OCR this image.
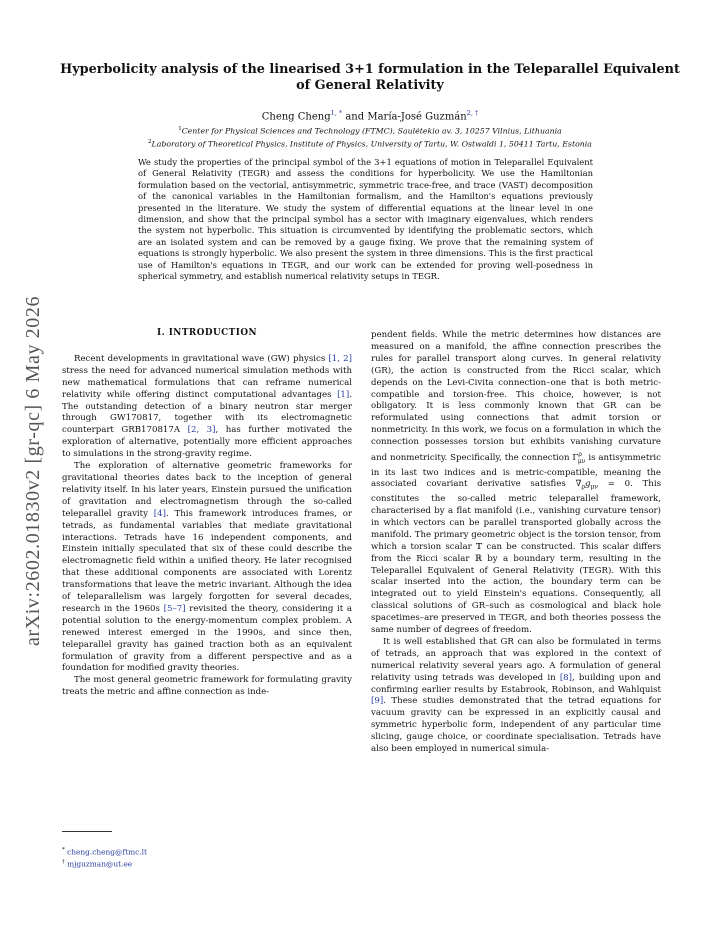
arXiv:2602.01830v2 [gr-qc] 6 May 2026
Hyperbolicity analysis of the linearised 3+1 formulation in the Teleparallel Equivalent of General Relativity
Cheng Cheng$^{1, *}$ and María-José Guzmán$^{2, \dagger}$
$^1$Center for Physical Sciences and Technology (FTMC), Saulėtekio av. 3, 10257 Vilnius, Lithuania
$^2$Laboratory of Theoretical Physics, Institute of Physics, University of Tartu, W. Ostwaldi 1, 50411 Tartu, Estonia
We study the properties of the principal symbol of the 3+1 equations of motion in Teleparallel Equivalent of General Relativity (TEGR) and assess the conditions for hyperbolicity. We use the Hamiltonian formulation based on the vectorial, antisymmetric, symmetric trace-free, and trace (VAST) decomposition of the canonical variables in the Hamiltonian formalism, and the Hamilton's equations previously presented in the literature. We study the system of differential equations at the linear level in one dimension, and show that the principal symbol has a sector with imaginary eigenvalues, which renders the system not hyperbolic. This situation is circumvented by identifying the problematic sectors, which are an isolated system and can be removed by a gauge fixing. We prove that the remaining system of equations is strongly hyperbolic. We also present the system in three dimensions. This is the first practical use of Hamilton's equations in TEGR, and our work can be extended for proving well-posedness in spherical symmetry, and establish numerical relativity setups in TEGR.
I. INTRODUCTION

Recent developments in gravitational wave (GW) physics [1, 2] stress the need for advanced numerical simulation methods with new mathematical formulations that can reframe numerical relativity while offering distinct computational advantages [1]. The outstanding detection of a binary neutron star merger through GW170817, together with its electromagnetic counterpart GRB170817A [2, 3], has further motivated the exploration of alternative, potentially more efficient approaches to simulations in the strong-gravity regime.

The exploration of alternative geometric frameworks for gravitational theories dates back to the inception of general relativity itself. In his later years, Einstein pursued the unification of gravitation and electromagnetism through the so-called teleparallel gravity [4]. This framework introduces frames, or tetrads, as fundamental variables that mediate gravitational interactions. Tetrads have 16 independent components, and Einstein initially speculated that six of these could describe the electromagnetic field within a unified theory. He later recognised that these additional components are associated with Lorentz transformations that leave the metric invariant. Although the idea of teleparallelism was largely forgotten for several decades, research in the 1960s [5–7] revisited the theory, considering it a potential solution to the energy-momentum complex problem. A renewed interest emerged in the 1990s, and since then, teleparallel gravity has gained traction both as an equivalent formulation of gravity from a different perspective and as a foundation for modified gravity theories.

The most general geometric framework for formulating gravity treats the metric and affine connection as inde-

pendent fields. While the metric determines how distances are measured on a manifold, the affine connection prescribes the rules for parallel transport along curves. In general relativity (GR), the action is constructed from the Ricci scalar, which depends on the Levi-Civita connection–one that is both metric-compatible and torsion-free. This choice, however, is not obligatory. It is less commonly known that GR can be reformulated using connections that admit torsion or nonmetricity. In this work, we focus on a formulation in which the connection possesses torsion but exhibits vanishing curvature and nonmetricity. Specifically, the connection $\Gamma^\rho_{\mu\nu}$ is antisymmetric in its last two indices and is metric-compatible, meaning the associated covariant derivative satisfies $\nabla_\rho g_{\mu\nu} = 0$. This constitutes the so-called metric teleparallel framework, characterised by a flat manifold (i.e., vanishing curvature tensor) in which vectors can be parallel transported globally across the manifold. The primary geometric object is the torsion tensor, from which a torsion scalar 𝕋 can be constructed. This scalar differs from the Ricci scalar ℝ by a boundary term, resulting in the Teleparallel Equivalent of General Relativity (TEGR). With this scalar inserted into the action, the boundary term can be integrated out to yield Einstein's equations. Consequently, all classical solutions of GR–such as cosmological and black hole spacetimes–are preserved in TEGR, and both theories possess the same number of degrees of freedom.

It is well established that GR can also be formulated in terms of tetrads, an approach that was explored in the context of numerical relativity several years ago. A formulation of general relativity using tetrads was developed in [8], building upon and confirming earlier results by Estabrook, Robinson, and Wahlquist [9]. These studies demonstrated that the tetrad equations for vacuum gravity can be expressed in an explicitly causal and symmetric hyperbolic form, independent of any particular time slicing, gauge choice, or coordinate specialisation. Tetrads have also been employed in numerical simula-

* cheng.cheng@ftmc.lt
† mjguzman@ut.ee
